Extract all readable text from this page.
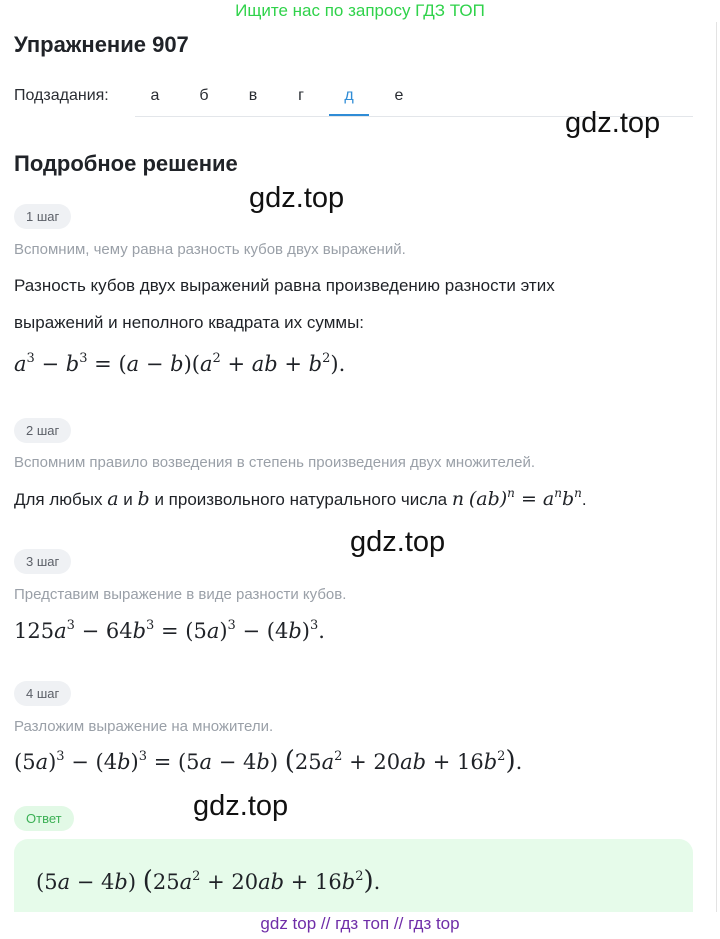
Ищите нас по запросу ГДЗ ТОП
Упражнение 907
Подзадания:	а	б	в	г	д	е
gdz.top
gdz.top
gdz.top
gdz.top
Подробное решение
1 шаг
Вспомним, чему равна разность кубов двух выражений.
Разность кубов двух выражений равна произведению разности этих
выражений и неполного квадрата их суммы:
$a^3 - b^3 = (a - b)(a^2$ + ab + $b^2$).
2 шаг
Вспомним правило возведения в степень произведения двух множителей.
Для любых a и b и произвольного натурального числа n $(ab)^n = a^nb^n$.
3 шаг
Представим выражение в виде разности кубов.
$125a^3 - 64b^3 = (5a)^3 - (4b)^3$.
4 шаг
Разложим выражение на множители.
$(5a)^3 - (4b)^3 = (5a - 4b) (25a^2 + 20ab + 16b^2)$.
Ответ
(5a − 4b) $(25a^2 + 20ab + 16b^2)$.
gdz top // гдз топ // гдз top
